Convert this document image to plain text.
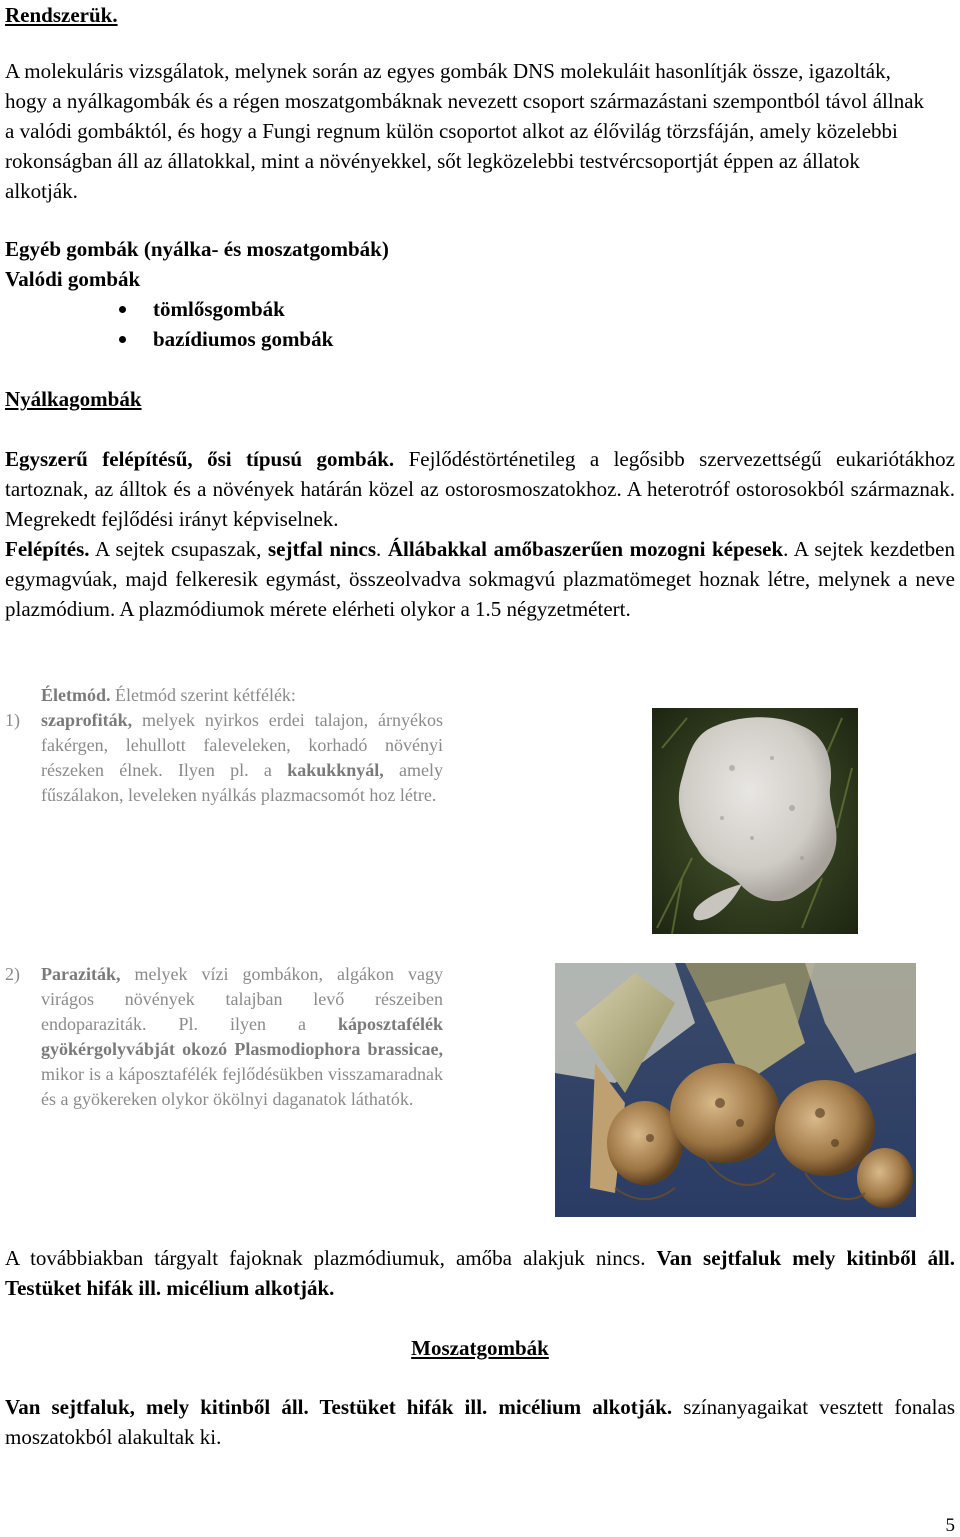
Rendszerük.

A molekuláris vizsgálatok, melynek során az egyes gombák DNS molekuláit hasonlítják össze, igazolták, hogy a nyálkagombák és a régen moszatgombáknak nevezett csoport származástani szempontból távol állnak a valódi gombáktól, és hogy a Fungi regnum külön csoportot alkot az élővilág törzsfáján, amely közelebbi rokonságban áll az állatokkal, mint a növényekkel, sőt legközelebbi testvércsoportját éppen az állatok alkotják.

Egyéb gombák (nyálka- és moszatgombák)
Valódi gombák
tömlősgombák
bazídiumos gombák
Nyálkagombák

Egyszerű felépítésű, ősi típusú gombák. Fejlődéstörténetileg a legősibb szervezettségű eukariótákhoz tartoznak, az álltok és a növények határán közel az ostorosmoszatokhoz. A heterotróf ostorosokból származnak. Megrekedt fejlődési irányt képviselnek.

Felépítés. A sejtek csupaszak, sejtfal nincs. Állábakkal amőbaszerűen mozogni képesek. A sejtek kezdetben egymagvúak, majd felkeresik egymást, összeolvadva sokmagvú plazmatömeget hoznak létre, melynek a neve plazmódium. A plazmódiumok mérete elérheti olykor a 1.5 négyzetmétert.

Életmód. Életmód szerint kétfélék:
1) szaprofiták, melyek nyirkos erdei talajon, árnyékos fakérgen, lehullott faleveleken, korhadó növényi részeken élnek. Ilyen pl. a kakukknyál, amely fűszálakon, leveleken nyálkás plazmacsomót hoz létre.

2) Paraziták, melyek vízi gombákon, algákon vagy virágos növények talajban levő részeiben endoparaziták. Pl. ilyen a káposztafélék gyökérgolyvábját okozó Plasmodiophora brassicae, mikor is a káposztafélék fejlődésükben visszamaradnak és a gyökereken olykor ökölnyi daganatok láthatók.

A továbbiakban tárgyalt fajoknak plazmódiumuk, amőba alakjuk nincs. Van sejtfaluk mely kitinből áll. Testüket hifák ill. micélium alkotják.

Moszatgombák

Van sejtfaluk, mely kitinből áll. Testüket hifák ill. micélium alkotják. színanyagaikat vesztett fonalas moszatokból alakultak ki.

5
